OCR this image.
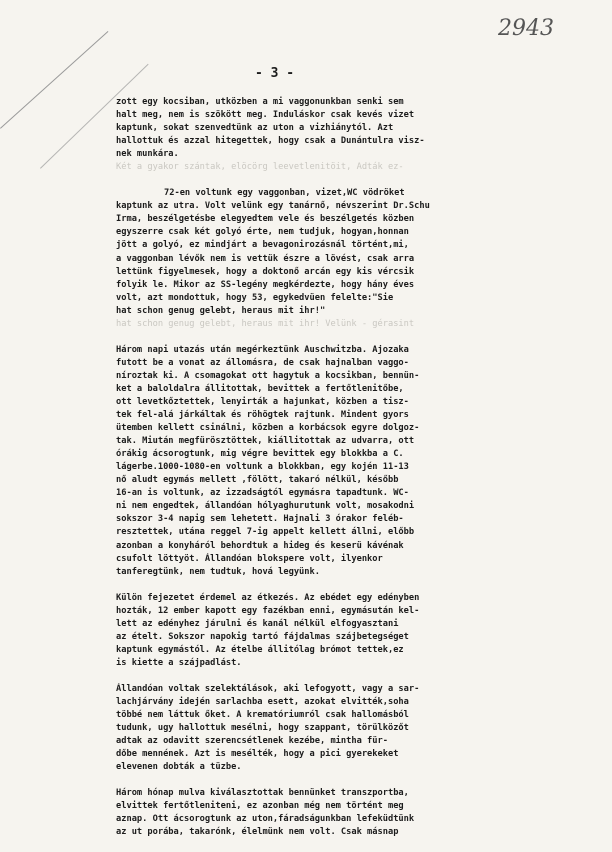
2943
- 3 -
zott egy kocsiban, utközben a mi vaggonunkban senki sem
halt meg, nem is szökött meg. Induláskor csak kevés vizet
kaptunk, sokat szenvedtünk az uton a vizhiánytól. Azt
hallottuk és azzal hitegettek, hogy csak a Dunántulra visz-
nek munkára.
Két a gyakor szántak, elöcörg leevetlenitöit, Adták ez-
72-en voltunk egy vaggonban, vizet,WC vödröket
kaptunk az utra. Volt velünk egy tanárnő, névszerint Dr.Schu
Irma, beszélgetésbe elegyedtem vele és beszélgetés közben
egyszerre csak két golyó érte, nem tudjuk, hogyan,honnan
jött a golyó, ez mindjárt a bevagonirozásnál történt,mi,
a vaggonban lévők nem is vettük észre a lövést, csak arra
lettünk figyelmesek, hogy a doktonő arcán egy kis vércsik
folyik le. Mikor az SS-legény megkérdezte, hogy hány éves
volt, azt mondottuk, hogy 53, egykedvüen felelte:"Sie
hat schon genug gelebt, heraus mit ihr!"
hat schon genug gelebt, heraus mit ihr! Velünk - gérasint
Három napi utazás után megérkeztünk Auschwitzba. Ajozaka
futott be a vonat az állomásra, de csak hajnalban vaggo-
níroztak ki. A csomagokat ott hagytuk a kocsikban, bennün-
ket a baloldalra állitottak, bevittek a fertőtlenitőbe,
ott levetkőztettek, lenyirták a hajunkat, közben a tisz-
tek fel-alá járkáltak és röhögtek rajtunk. Mindent gyors
ütemben kellett csinálni, közben a korbácsok egyre dolgoz-
tak. Miután megfürösztöttek, kiállitottak az udvarra, ott
órákig ácsorogtunk, mig végre bevittek egy blokkba a C.
lágerbe.1000-1080-en voltunk a blokkban, egy kojén 11-13
nő aludt egymás mellett ,fölött, takaró nélkül, később
16-an is voltunk, az izzadságtól egymásra tapadtunk. WC-
ni nem engedtek, állandóan hólyaghurutunk volt, mosakodni
sokszor 3-4 napig sem lehetett. Hajnali 3 órakor feléb-
resztettek, utána reggel 7-ig appelt kellett állni, előbb
azonban a konyháról behordtuk a hideg és keserü kávénak
csufolt löttyöt. Állandóan blokspere volt, ilyenkor
tanferegtünk, nem tudtuk, hová legyünk.
Külön fejezetet érdemel az étkezés. Az ebédet egy edényben
hozták, 12 ember kapott egy fazékban enni, egymásután kel-
lett az edényhez járulni és kanál nélkül elfogyasztani
az ételt. Sokszor napokig tartó fájdalmas szájbetegséget
kaptunk egymástól. Az ételbe állitólag brómot tettek,ez
is kiette a szájpadlást.
Állandóan voltak szelektálások, aki lefogyott, vagy a sar-
lachjárvány idején sarlachba esett, azokat elvitték,soha
többé nem láttuk őket. A krematóriumról csak hallomásból
tudunk, ugy hallottuk mesélni, hogy szappant, törülközőt
adtak az odavitt szerencsétlenek kezébe, mintha für-
dőbe mennének. Azt is mesélték, hogy a pici gyerekeket
elevenen dobták a tüzbe.
Három hónap mulva kiválasztottak bennünket transzportba,
elvittek fertőtleniteni, ez azonban még nem történt meg
aznap. Ott ácsorogtunk az uton,fáradságunkban lefeküdtünk
az ut porába, takarónk, élelmünk nem volt. Csak másnap
